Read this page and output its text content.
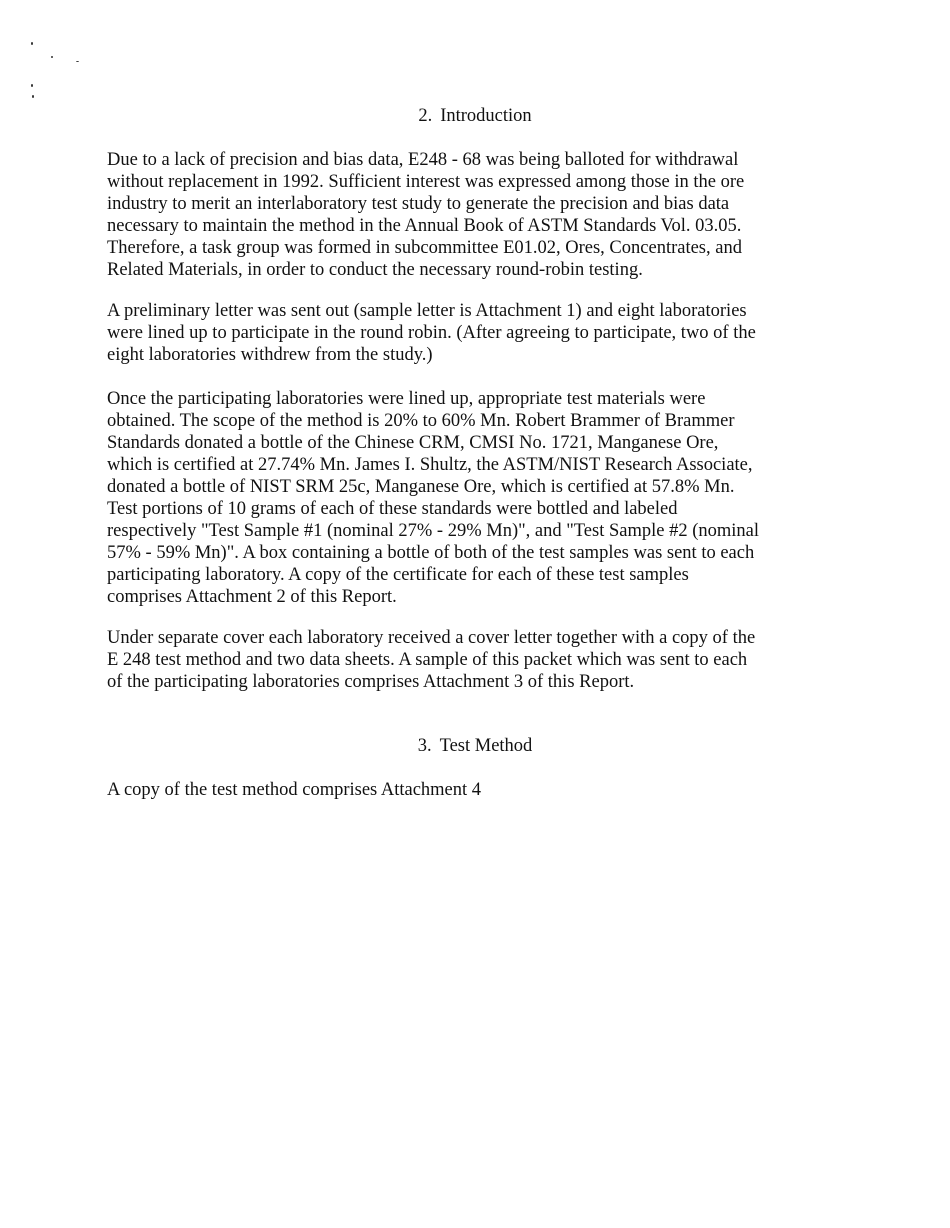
2. Introduction

Due to a lack of precision and bias data, E248 - 68 was being balloted for withdrawal
without replacement in 1992. Sufficient interest was expressed among those in the ore
industry to merit an interlaboratory test study to generate the precision and bias data
necessary to maintain the method in the Annual Book of ASTM Standards Vol. 03.05.
Therefore, a task group was formed in subcommittee E01.02, Ores, Concentrates, and
Related Materials, in order to conduct the necessary round-robin testing.

A preliminary letter was sent out (sample letter is Attachment 1) and eight laboratories
were lined up to participate in the round robin. (After agreeing to participate, two of the
eight laboratories withdrew from the study.)

Once the participating laboratories were lined up, appropriate test materials were
obtained. The scope of the method is 20% to 60% Mn. Robert Brammer of Brammer
Standards donated a bottle of the Chinese CRM, CMSI No. 1721, Manganese Ore,
which is certified at 27.74% Mn. James I. Shultz, the ASTM/NIST Research Associate,
donated a bottle of NIST SRM 25c, Manganese Ore, which is certified at 57.8% Mn.
Test portions of 10 grams of each of these standards were bottled and labeled
respectively "Test Sample #1 (nominal 27% - 29% Mn)", and "Test Sample #2 (nominal
57% - 59% Mn)". A box containing a bottle of both of the test samples was sent to each
participating laboratory. A copy of the certificate for each of these test samples
comprises Attachment 2 of this Report.

Under separate cover each laboratory received a cover letter together with a copy of the
E 248 test method and two data sheets. A sample of this packet which was sent to each
of the participating laboratories comprises Attachment 3 of this Report.

3. Test Method

A copy of the test method comprises Attachment 4
